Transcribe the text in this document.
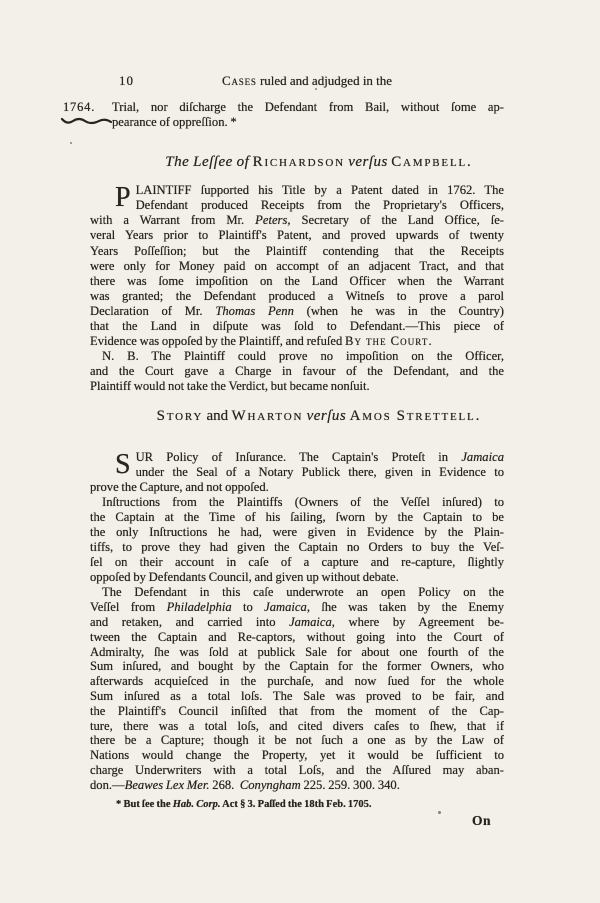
10	Cases ruled and adjudged in the
1764.	Trial, nor diſcharge the Defendant from Bail, without ſome ap-
pearance of oppreſſion. *
The Leſſee of Richardson verſus Campbell.
P LAINTIFF ſupported his Title by a Patent dated in 1762. The
Defendant produced Receipts from the Proprietary's Officers,
with a Warrant from Mr. Peters, Secretary of the Land Office, ſe-
veral Years prior to Plaintiff's Patent, and proved upwards of twenty
Years Poſſeſſion; but the Plaintiff contending that the Receipts
were only for Money paid on accompt of an adjacent Tract, and that
there was ſome impoſition on the Land Officer when the Warrant
was granted; the Defendant produced a Witneſs to prove a parol
Declaration of Mr. Thomas Penn (when he was in the Country)
that the Land in diſpute was ſold to Defendant.—This piece of
Evidence was oppoſed by the Plaintiff, and refuſed By the Court.
N. B. The Plaintiff could prove no impoſition on the Officer,
and the Court gave a Charge in favour of the Defendant, and the
Plaintiff would not take the Verdict, but became nonſuit.
Story and Wharton verſus Amos Strettell.
S UR Policy of Inſurance. The Captain's Proteſt in Jamaica
under the Seal of a Notary Publick there, given in Evidence to
prove the Capture, and not oppoſed.
Inſtructions from the Plaintiffs (Owners of the Veſſel inſured) to
the Captain at the Time of his ſailing, ſworn by the Captain to be
the only Inſtructions he had, were given in Evidence by the Plain-
tiffs, to prove they had given the Captain no Orders to buy the Veſ-
ſel on their account in caſe of a capture and re-capture, ſlightly
oppoſed by Defendants Council, and given up without debate.
The Defendant in this caſe underwrote an open Policy on the
Veſſel from Philadelphia to Jamaica, ſhe was taken by the Enemy
and retaken, and carried into Jamaica, where by Agreement be-
tween the Captain and Re-captors, without going into the Court of
Admiralty, ſhe was ſold at publick Sale for about one fourth of the
Sum inſured, and bought by the Captain for the former Owners, who
afterwards acquieſced in the purchaſe, and now ſued for the whole
Sum inſured as a total loſs. The Sale was proved to be fair, and
the Plaintiff's Council inſiſted that from the moment of the Cap-
ture, there was a total loſs, and cited divers caſes to ſhew, that if
there be a Capture; though it be not ſuch a one as by the Law of
Nations would change the Property, yet it would be ſufficient to
charge Underwriters with a total Loſs, and the Aſſured may aban-
don.—Beawes Lex Mer. 268.  Conyngham 225. 259. 300. 340.
* But ſee the Hab. Corp. Act § 3. Paſſed the 18th Feb. 1705.
On
